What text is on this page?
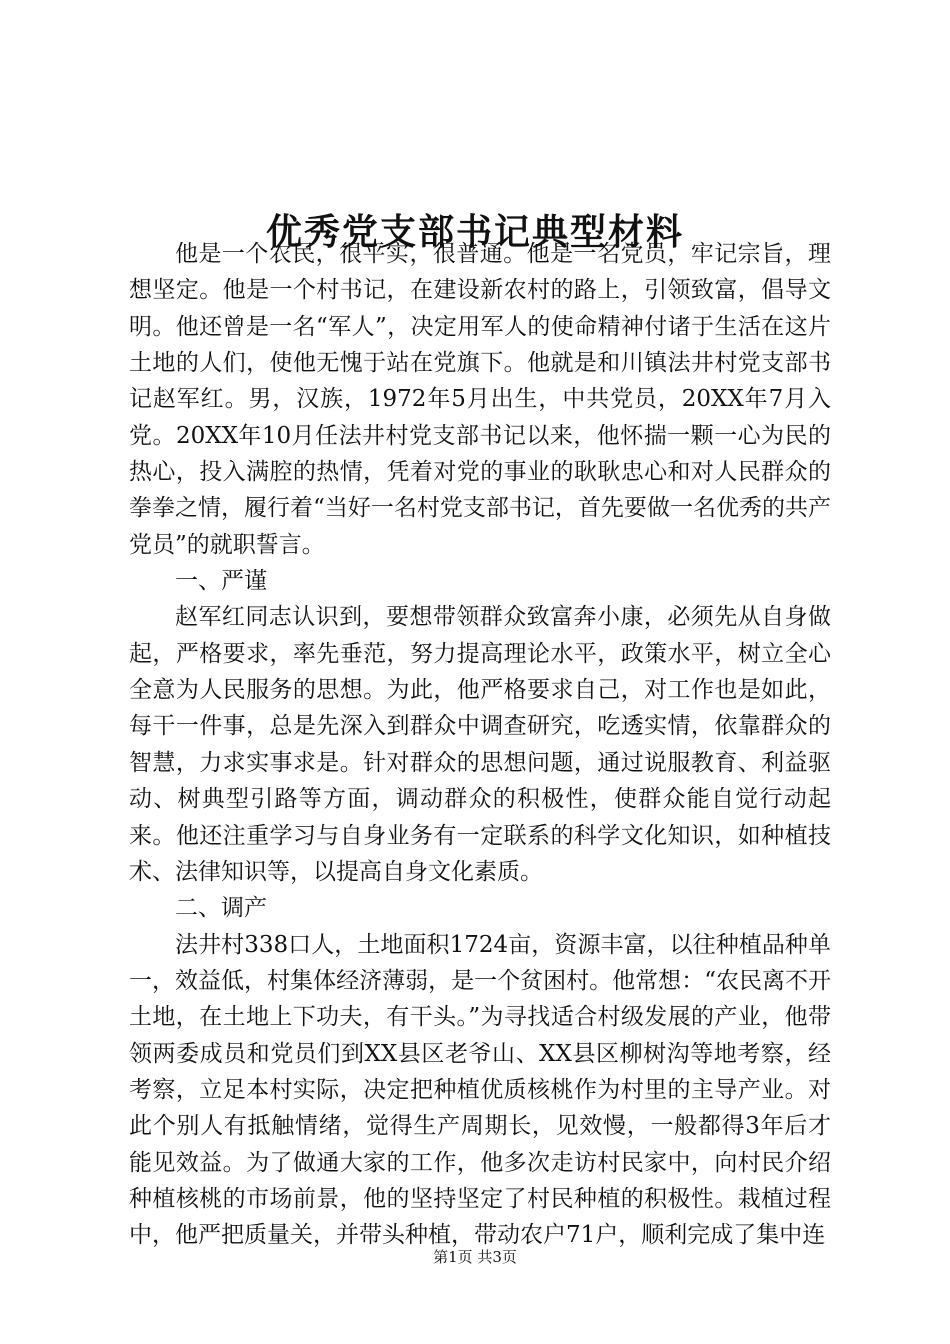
优秀党支部书记典型材料

他是一个农民，很平实，很普通。他是一名党员，牢记宗旨，理想坚定。他是一个村书记，在建设新农村的路上，引领致富，倡导文明。他还曾是一名“军人”，决定用军人的使命精神付诸于生活在这片土地的人们，使他无愧于站在党旗下。他就是和川镇法井村党支部书记赵军红。男，汉族，1972年5月出生，中共党员，20XX年7月入党。20XX年10月任法井村党支部书记以来，他怀揣一颗一心为民的热心，投入满腔的热情，凭着对党的事业的耿耿忠心和对人民群众的拳拳之情，履行着“当好一名村党支部书记，首先要做一名优秀的共产党员”的就职誓言。

一、严谨

赵军红同志认识到，要想带领群众致富奔小康，必须先从自身做起，严格要求，率先垂范，努力提高理论水平，政策水平，树立全心全意为人民服务的思想。为此，他严格要求自己，对工作也是如此，每干一件事，总是先深入到群众中调查研究，吃透实情，依靠群众的智慧，力求实事求是。针对群众的思想问题，通过说服教育、利益驱动、树典型引路等方面，调动群众的积极性，使群众能自觉行动起来。他还注重学习与自身业务有一定联系的科学文化知识，如种植技术、法律知识等，以提高自身文化素质。

二、调产

法井村338口人，土地面积1724亩，资源丰富，以往种植品种单一，效益低，村集体经济薄弱，是一个贫困村。他常想：“农民离不开土地，在土地上下功夫，有干头。”为寻找适合村级发展的产业，他带领两委成员和党员们到XX县区老爷山、XX县区柳树沟等地考察，经考察，立足本村实际，决定把种植优质核桃作为村里的主导产业。对此个别人有抵触情绪，觉得生产周期长，见效慢，一般都得3年后才能见效益。为了做通大家的工作，他多次走访村民家中，向村民介绍种植核桃的市场前景，他的坚持坚定了村民种植的积极性。栽植过程中，他严把质量关，并带头种植，带动农户71户，顺利完成了集中连

第1页 共3页
